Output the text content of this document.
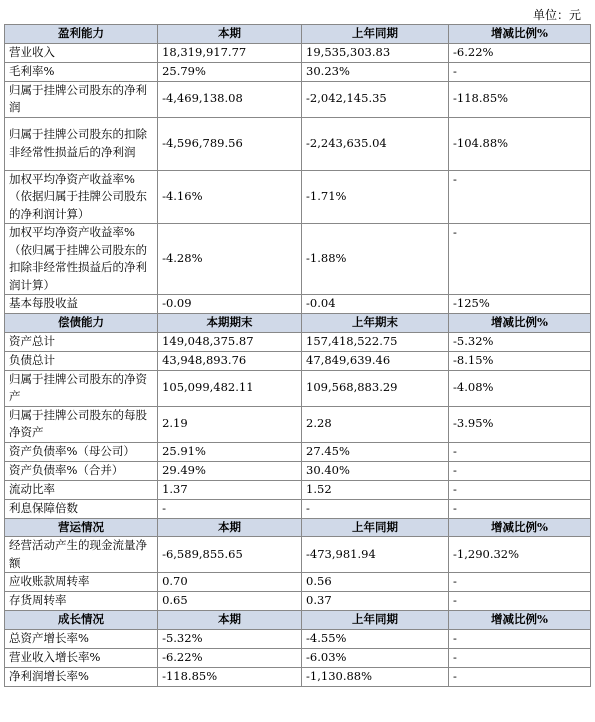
单位：元
盈利能力	本期	上年同期	增减比例%
营业收入	18,319,917.77	19,535,303.83	-6.22%
毛利率%	25.79%	30.23%	-
归属于挂牌公司股东的净利润	-4,469,138.08	-2,042,145.35	-118.85%
归属于挂牌公司股东的扣除非经常性损益后的净利润	-4,596,789.56	-2,243,635.04	-104.88%
加权平均净资产收益率%（依据归属于挂牌公司股东的净利润计算）	-4.16%	-1.71%	-
加权平均净资产收益率%（依归属于挂牌公司股东的扣除非经常性损益后的净利润计算）	-4.28%	-1.88%	-
基本每股收益	-0.09	-0.04	-125%
偿债能力	本期期末	上年期末	增减比例%
资产总计	149,048,375.87	157,418,522.75	-5.32%
负债总计	43,948,893.76	47,849,639.46	-8.15%
归属于挂牌公司股东的净资产	105,099,482.11	109,568,883.29	-4.08%
归属于挂牌公司股东的每股净资产	2.19	2.28	-3.95%
资产负债率%（母公司）	25.91%	27.45%	-
资产负债率%（合并）	29.49%	30.40%	-
流动比率	1.37	1.52	-
利息保障倍数	-	-	-
营运情况	本期	上年同期	增减比例%
经营活动产生的现金流量净额	-6,589,855.65	-473,981.94	-1,290.32%
应收账款周转率	0.70	0.56	-
存货周转率	0.65	0.37	-
成长情况	本期	上年同期	增减比例%
总资产增长率%	-5.32%	-4.55%	-
营业收入增长率%	-6.22%	-6.03%	-
净利润增长率%	-118.85%	-1,130.88%	-
